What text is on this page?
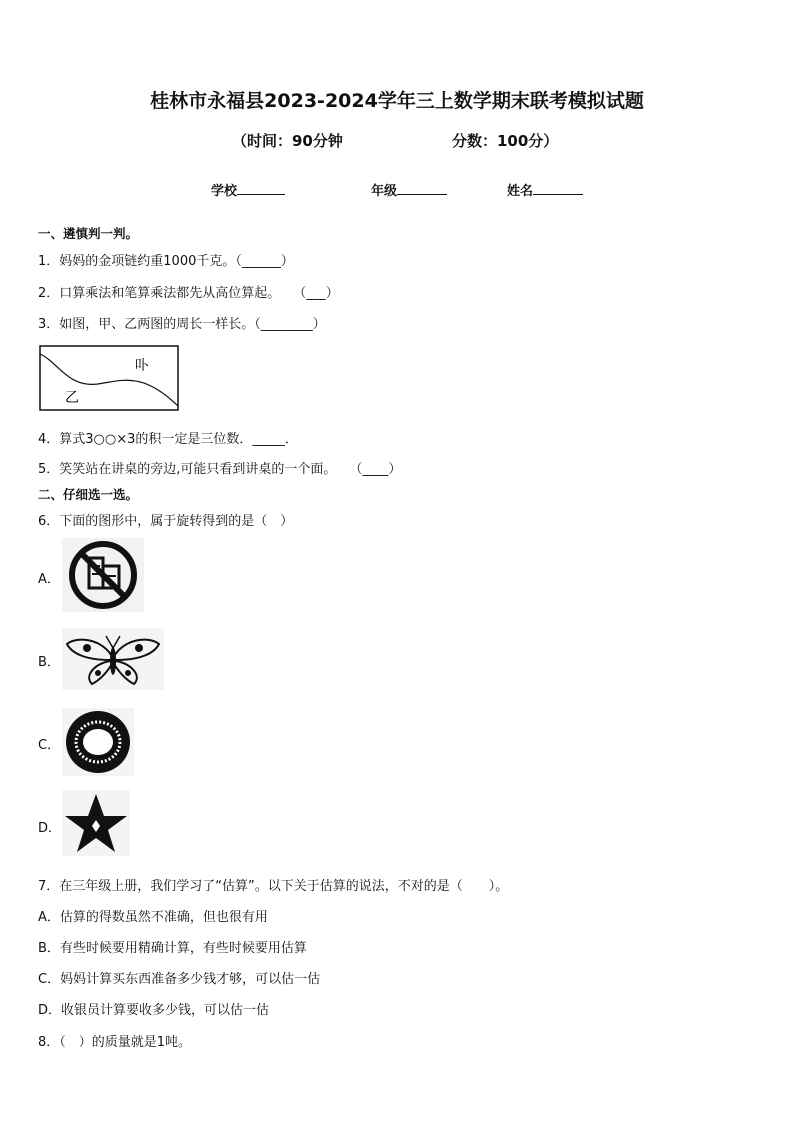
桂林市永福县2023-2024学年三上数学期末联考模拟试题
（时间：90分钟	分数：100分）
学校	年级	姓名
一、遴慎判一判。
1．妈妈的金项链约重1000千克。（______）
2．口算乘法和笔算乘法都先从高位算起。　　（___）
3．如图，甲、乙两图的周长一样长。（________）
卟
乙
4．算式3○○×3的积一定是三位数．_____．
5．笑笑站在讲桌的旁边,可能只看到讲桌的一个面。　　（____）
二、仔细选一选。
6．下面的图形中，属于旋转得到的是（　）
A．
B．
C．
D．
7．在三年级上册，我们学习了“估算”。以下关于估算的说法，不对的是（　　）。
A．估算的得数虽然不准确，但也很有用
B．有些时候要用精确计算，有些时候要用估算
C．妈妈计算买东西准备多少钱才够，可以估一估
D．收银员计算要收多少钱，可以估一估
8．（　）的质量就是1吨。
